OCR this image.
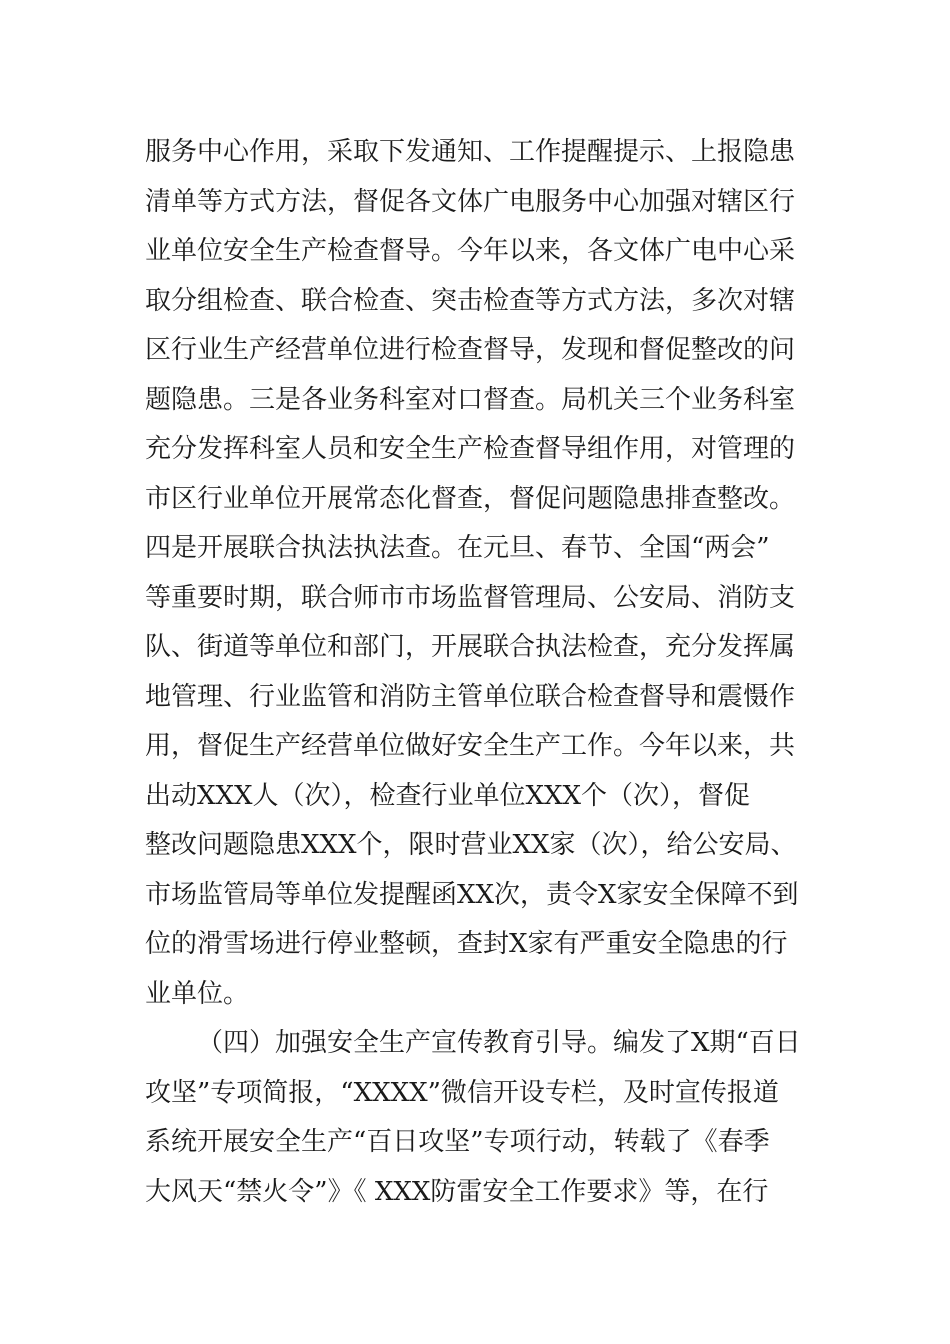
服务中心作用，采取下发通知、工作提醒提示、上报隐患
清单等方式方法，督促各文体广电服务中心加强对辖区行
业单位安全生产检查督导。今年以来，各文体广电中心采
取分组检查、联合检查、突击检查等方式方法，多次对辖
区行业生产经营单位进行检查督导，发现和督促整改的问
题隐患。三是各业务科室对口督查。局机关三个业务科室
充分发挥科室人员和安全生产检查督导组作用，对管理的
市区行业单位开展常态化督查，督促问题隐患排查整改。
四是开展联合执法执法查。在元旦、春节、全国“两会”
等重要时期，联合师市市场监督管理局、公安局、消防支
队、街道等单位和部门，开展联合执法检查，充分发挥属
地管理、行业监管和消防主管单位联合检查督导和震慑作
用，督促生产经营单位做好安全生产工作。今年以来，共
出动XXX人（次），检查行业单位XXX个（次），督促
整改问题隐患XXX个，限时营业XX家（次），给公安局、
市场监管局等单位发提醒函XX次，责令X家安全保障不到
位的滑雪场进行停业整顿，查封X家有严重安全隐患的行
业单位。
（四）加强安全生产宣传教育引导。编发了X期“百日
攻坚”专项简报，“XXXX”微信开设专栏，及时宣传报道
系统开展安全生产“百日攻坚”专项行动，转载了《春季
大风天“禁火令”》《 XXX防雷安全工作要求》等，在行
